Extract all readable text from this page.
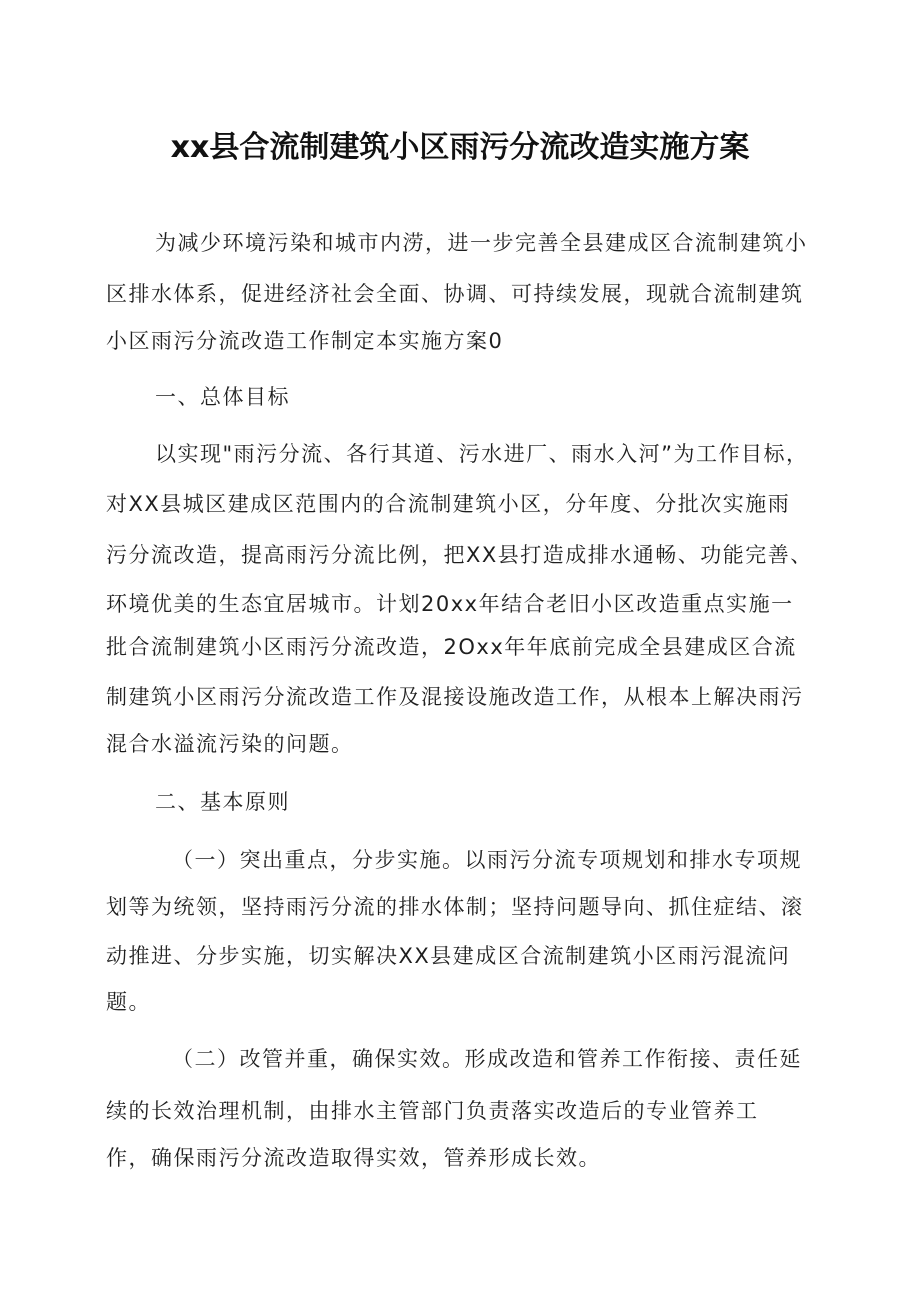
xx县合流制建筑小区雨污分流改造实施方案
为减少环境污染和城市内涝，进一步完善全县建成区合流制建筑小
区排水体系，促进经济社会全面、协调、可持续发展，现就合流制建筑
小区雨污分流改造工作制定本实施方案0
一、总体目标
以实现"雨污分流、各行其道、污水进厂、雨水入河”为工作目标，
对XX县城区建成区范围内的合流制建筑小区，分年度、分批次实施雨
污分流改造，提高雨污分流比例，把XX县打造成排水通畅、功能完善、
环境优美的生态宜居城市。计划20xx年结合老旧小区改造重点实施一
批合流制建筑小区雨污分流改造，2Oxx年年底前完成全县建成区合流
制建筑小区雨污分流改造工作及混接设施改造工作，从根本上解决雨污
混合水溢流污染的问题。
二、基本原则
（一）突出重点，分步实施。以雨污分流专项规划和排水专项规
划等为统领，坚持雨污分流的排水体制；坚持问题导向、抓住症结、滚
动推进、分步实施，切实解决XX县建成区合流制建筑小区雨污混流问
题。
（二）改管并重，确保实效。形成改造和管养工作衔接、责任延
续的长效治理机制，由排水主管部门负责落实改造后的专业管养工
作，确保雨污分流改造取得实效，管养形成长效。
